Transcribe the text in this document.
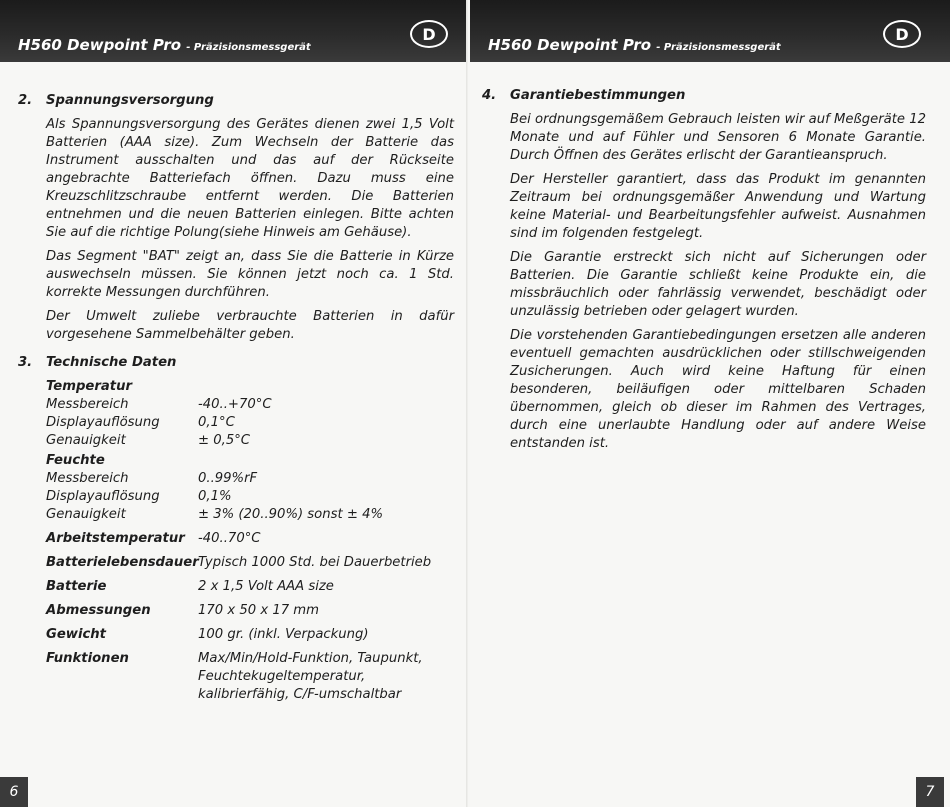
H560 Dewpoint Pro - Präzisionsmessgerät
D
2.	Spannungsversorgung

Als Spannungsversorgung des Gerätes dienen zwei 1,5 Volt Batterien (AAA size). Zum Wechseln der Batterie das Instrument ausschalten und das auf der Rückseite angebrachte Batteriefach öffnen. Dazu muss eine Kreuzschlitzschraube entfernt werden. Die Batterien entnehmen und die neuen Batterien einlegen. Bitte achten Sie auf die richtige Polung(siehe Hinweis am Gehäuse).

Das Segment "BAT" zeigt an, dass Sie die Batterie in Kürze auswechseln müssen. Sie können jetzt noch ca. 1 Std. korrekte Messungen durchführen.

Der Umwelt zuliebe verbrauchte Batterien in dafür vorgesehene Sammelbehälter geben.

3.	Technische Daten
Temperatur
Messbereich	-40..+70°C
Displayauflösung	0,1°C
Genauigkeit	± 0,5°C
Feuchte
Messbereich	0..99%rF
Displayauflösung	0,1%
Genauigkeit	± 3% (20..90%) sonst ± 4%
Arbeitstemperatur	-40..70°C
Batterielebensdauer Typisch 1000 Std. bei Dauerbetrieb
Batterie	2 x 1,5 Volt AAA size
Abmessungen	170 x 50 x 17 mm
Gewicht	100 gr. (inkl. Verpackung)
Funktionen	Max/Min/Hold-Funktion, Taupunkt, Feuchtekugeltemperatur, kalibrierfähig, C/F-umschaltbar
6
H560 Dewpoint Pro - Präzisionsmessgerät
D
4.	Garantiebestimmungen

Bei ordnungsgemäßem Gebrauch leisten wir auf Meßgeräte 12 Monate und auf Fühler und Sensoren 6 Monate Garantie. Durch Öffnen des Gerätes erlischt der Garantieanspruch.

Der Hersteller garantiert, dass das Produkt im genannten Zeitraum bei ordnungsgemäßer Anwendung und Wartung keine Material- und Bearbeitungsfehler aufweist. Ausnahmen sind im folgenden festgelegt.

Die Garantie erstreckt sich nicht auf Sicherungen oder Batterien. Die Garantie schließt keine Produkte ein, die missbräuchlich oder fahrlässig verwendet, beschädigt oder unzulässig betrieben oder gelagert wurden.

Die vorstehenden Garantiebedingungen ersetzen alle anderen eventuell gemachten ausdrücklichen oder stillschweigenden Zusicherungen. Auch wird keine Haftung für einen besonderen, beiläufigen oder mittelbaren Schaden übernommen, gleich ob dieser im Rahmen des Vertrages, durch eine unerlaubte Handlung oder auf andere Weise entstanden ist.

7
